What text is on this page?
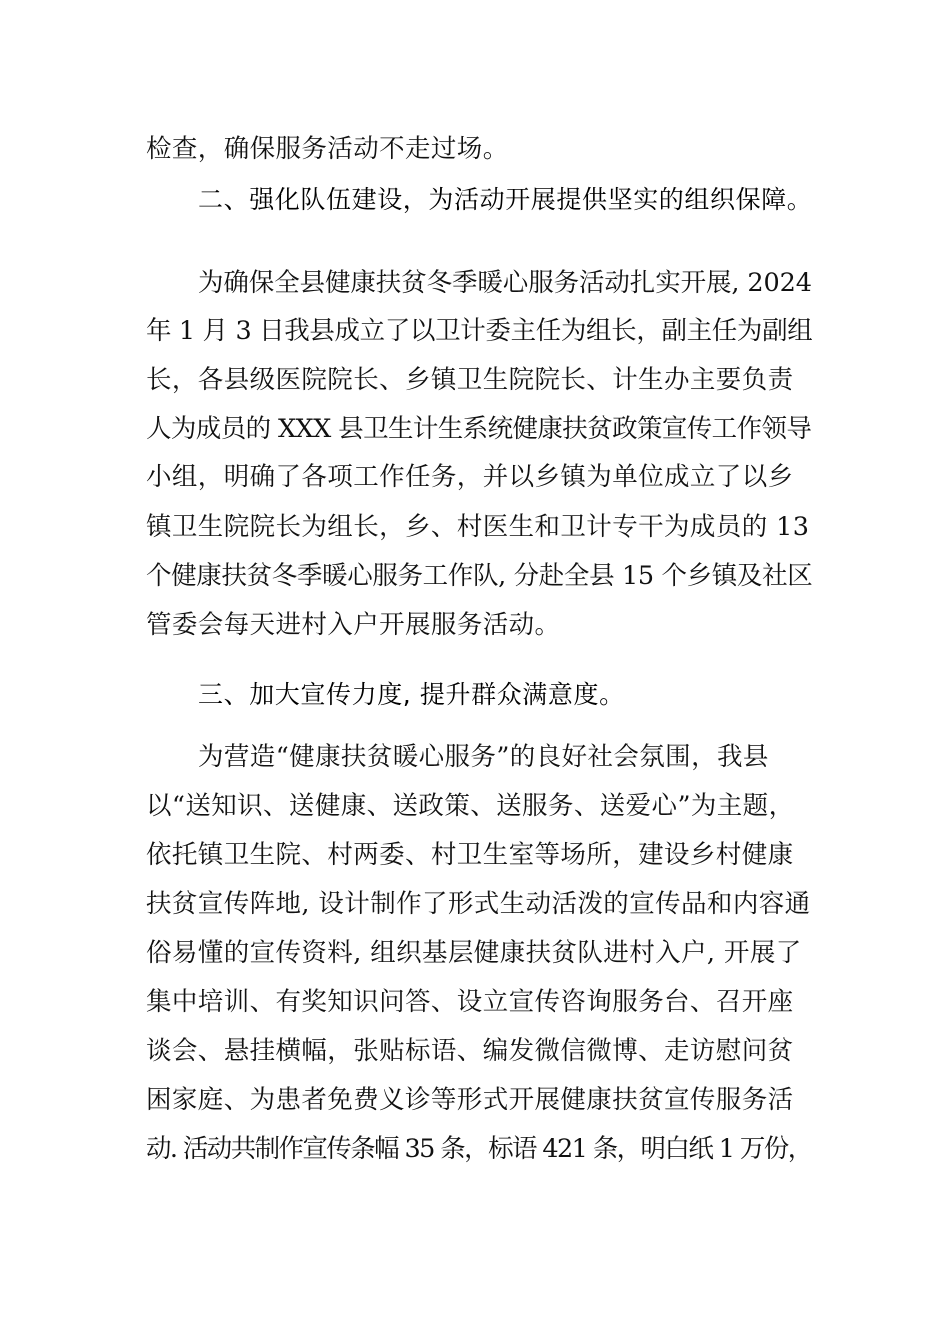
检查，确保服务活动不走过场。
二、强化队伍建设，为活动开展提供坚实的组织保障。
为确保全县健康扶贫冬季暖心服务活动扎实开展, 2024
年 1 月 3 日我县成立了以卫计委主任为组长，副主任为副组
长，各县级医院院长、乡镇卫生院院长、计生办主要负责
人为成员的 XXX 县卫生计生系统健康扶贫政策宣传工作领导
小组，明确了各项工作任务，并以乡镇为单位成立了以乡
镇卫生院院长为组长，乡、村医生和卫计专干为成员的 13
个健康扶贫冬季暖心服务工作队, 分赴全县 15 个乡镇及社区
管委会每天进村入户开展服务活动。
三、加大宣传力度, 提升群众满意度。
为营造“健康扶贫暖心服务”的良好社会氛围，我县
以“送知识、送健康、送政策、送服务、送爱心”为主题，
依托镇卫生院、村两委、村卫生室等场所，建设乡村健康
扶贫宣传阵地, 设计制作了形式生动活泼的宣传品和内容通
俗易懂的宣传资料, 组织基层健康扶贫队进村入户, 开展了
集中培训、有奖知识问答、设立宣传咨询服务台、召开座
谈会、悬挂横幅，张贴标语、编发微信微博、走访慰问贫
困家庭、为患者免费义诊等形式开展健康扶贫宣传服务活
动. 活动共制作宣传条幅 35 条，标语 421 条，明白纸 1 万份，
